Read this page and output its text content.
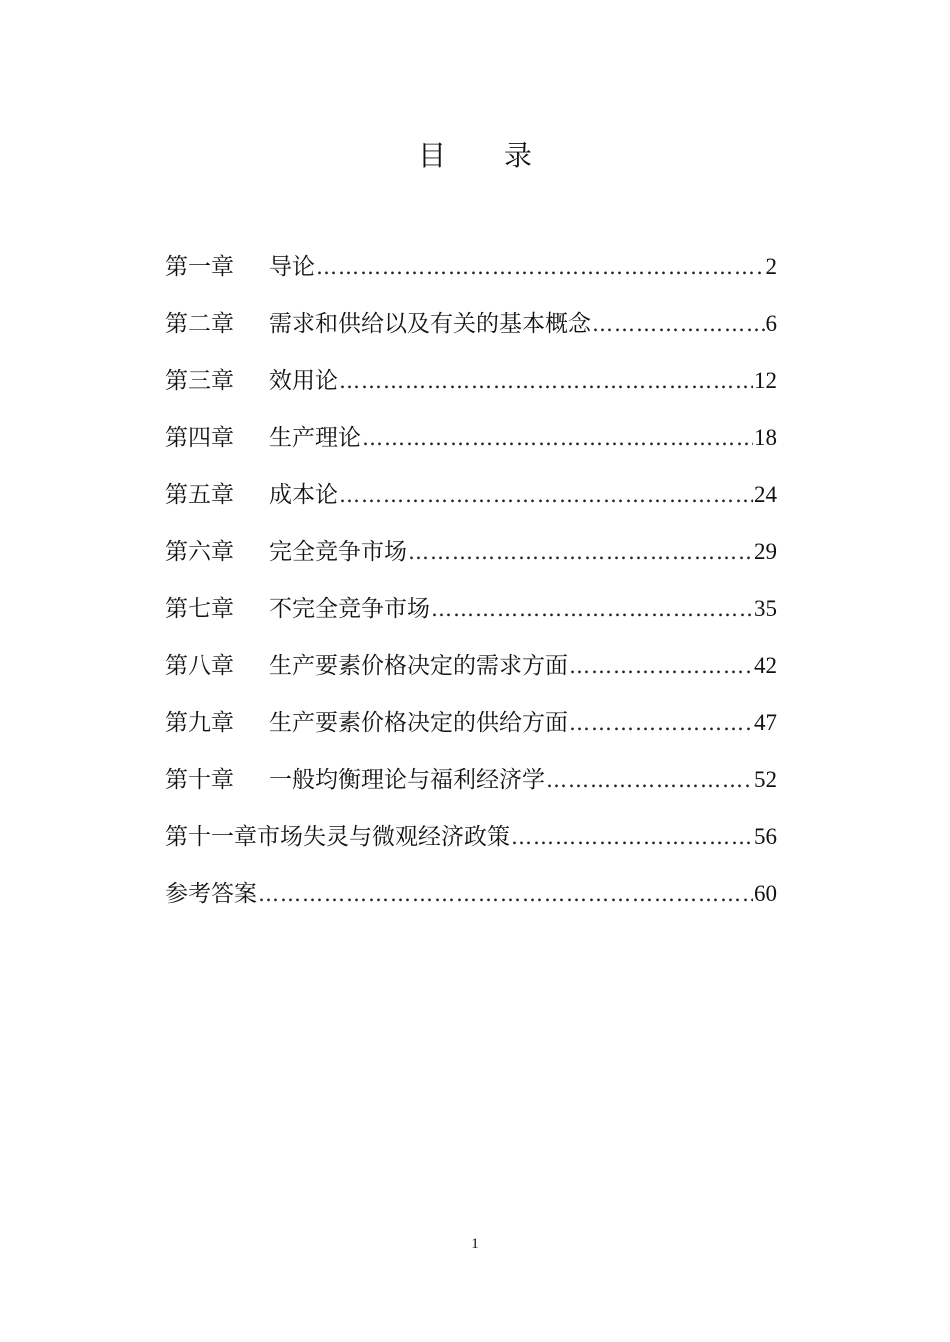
目 录
第一章	导论 ………………………………………………………………………………………………	2
第二章	需求和供给以及有关的基本概念 ………………………………………………………………………………………………	6
第三章	效用论 ………………………………………………………………………………………………	12
第四章	生产理论 ………………………………………………………………………………………………	18
第五章	成本论 ………………………………………………………………………………………………	24
第六章	完全竞争市场 ………………………………………………………………………………………………	29
第七章	不完全竞争市场 ………………………………………………………………………………………………	35
第八章	生产要素价格决定的需求方面 ………………………………………………………………………………………………	42
第九章	生产要素价格决定的供给方面 ………………………………………………………………………………………………	47
第十章	一般均衡理论与福利经济学 ………………………………………………………………………………………………	52
第十一章 市场失灵与微观经济政策 ………………………………………………………………………………………………	56
参考答案 ………………………………………………………………………………………………	60
1
